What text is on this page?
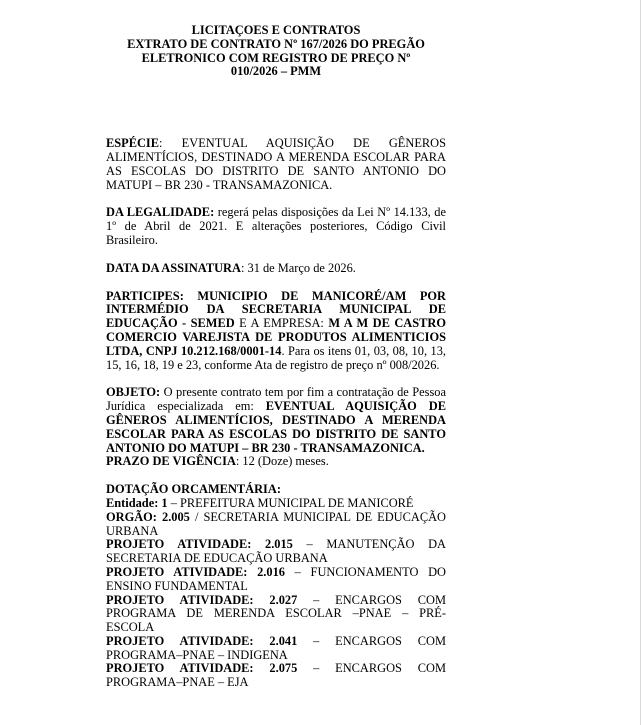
LICITAÇOES E CONTRATOS
EXTRATO DE CONTRATO Nº 167/2026 DO PREGÃO
ELETRONICO COM REGISTRO DE PREÇO Nº
010/2026 – PMM

ESPÉCIE: EVENTUAL AQUISIÇÃO DE GÊNEROS ALIMENTÍCIOS, DESTINADO A MERENDA ESCOLAR PARA AS ESCOLAS DO DISTRITO DE SANTO ANTONIO DO MATUPI – BR 230 - TRANSAMAZONICA.

DA LEGALIDADE: regerá pelas disposições da Lei Nº 14.133, de 1º de Abril de 2021. E alterações posteriores, Código Civil Brasileiro.

DATA DA ASSINATURA: 31 de Março de 2026.

PARTICIPES: MUNICIPIO DE MANICORÉ/AM POR INTERMÉDIO DA SECRETARIA MUNICIPAL DE EDUCAÇÃO - SEMED E A EMPRESA: M A M DE CASTRO COMERCIO VAREJISTA DE PRODUTOS ALIMENTICIOS LTDA, CNPJ 10.212.168/0001-14. Para os itens 01, 03, 08, 10, 13, 15, 16, 18, 19 e 23, conforme Ata de registro de preço nº 008/2026.

OBJETO: O presente contrato tem por fim a contratação de Pessoa Jurídica especializada em: EVENTUAL AQUISIÇÃO DE GÊNEROS ALIMENTÍCIOS, DESTINADO A MERENDA ESCOLAR PARA AS ESCOLAS DO DISTRITO DE SANTO ANTONIO DO MATUPI – BR 230 - TRANSAMAZONICA.

PRAZO DE VIGÊNCIA: 12 (Doze) meses.

DOTAÇÃO ORCAMENTÁRIA:

Entidade: 1 – PREFEITURA MUNICIPAL DE MANICORÉ

ORGÃO: 2.005 / SECRETARIA MUNICIPAL DE EDUCAÇÃO URBANA

PROJETO ATIVIDADE: 2.015 – MANUTENÇÃO DA SECRETARIA DE EDUCAÇÃO URBANA

PROJETO ATIVIDADE: 2.016 – FUNCIONAMENTO DO ENSINO FUNDAMENTAL

PROJETO ATIVIDADE: 2.027 – ENCARGOS COM PROGRAMA DE MERENDA ESCOLAR –PNAE – PRÉ-ESCOLA

PROJETO ATIVIDADE: 2.041 – ENCARGOS COM PROGRAMA–PNAE – INDIGENA

PROJETO ATIVIDADE: 2.075 – ENCARGOS COM PROGRAMA–PNAE – EJA
